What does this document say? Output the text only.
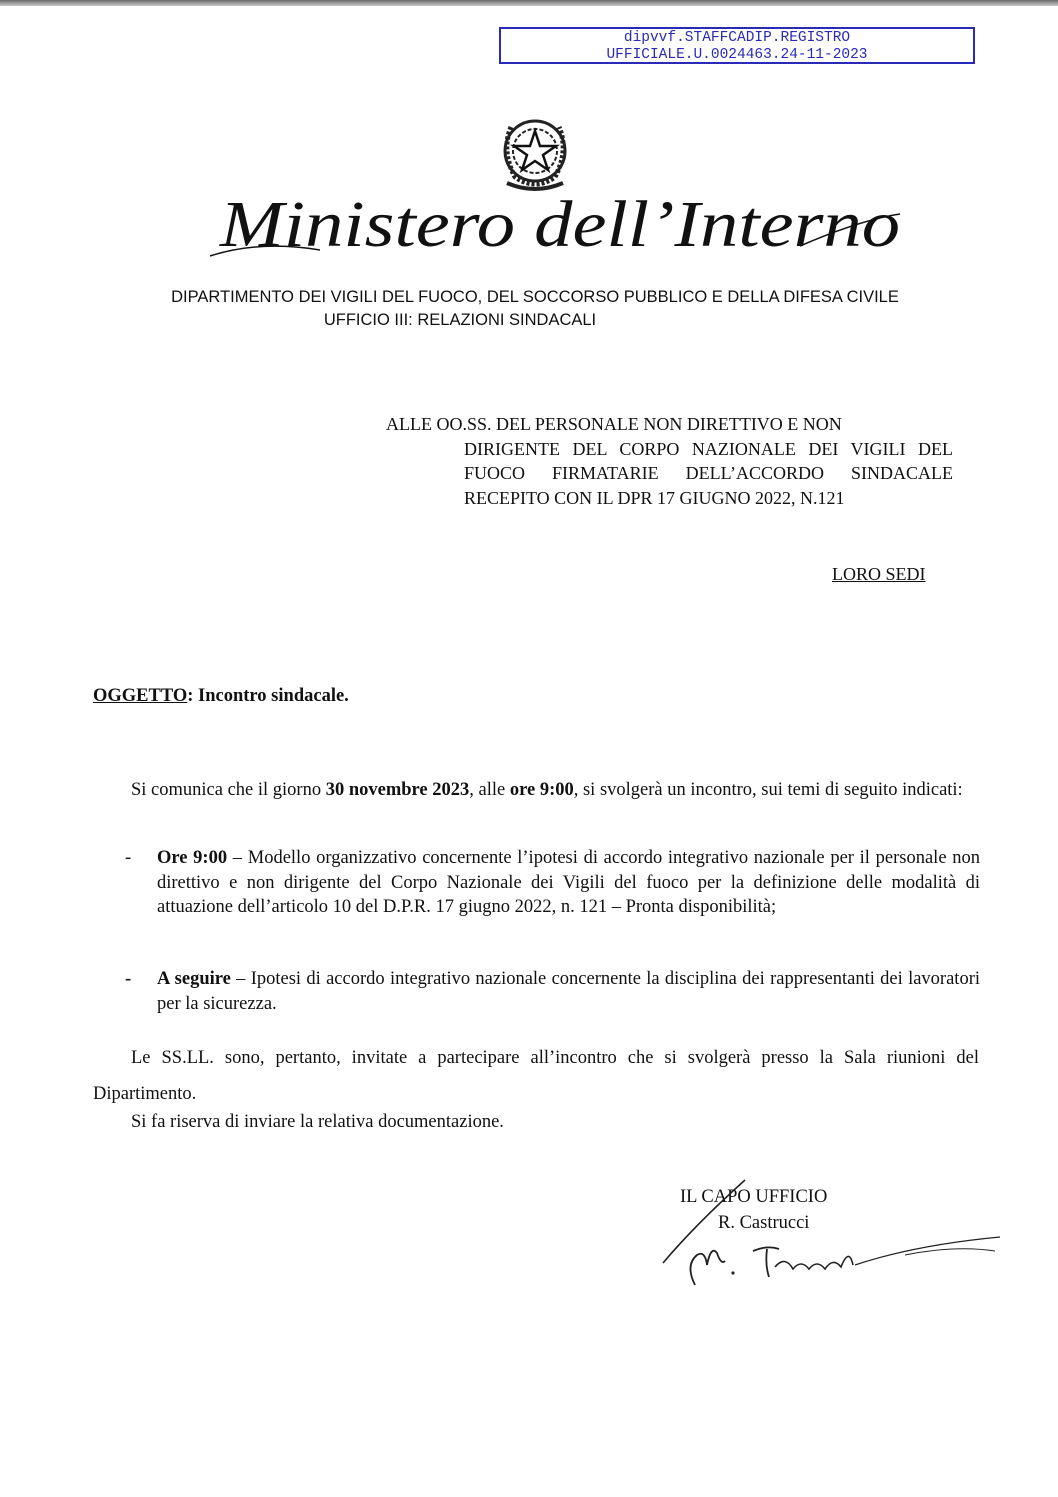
dipvvf.STAFFCADIP.REGISTRO
UFFICIALE.U.0024463.24-11-2023
Ministero dell’Interno
DIPARTIMENTO DEI VIGILI DEL FUOCO, DEL SOCCORSO PUBBLICO E DELLA DIFESA CIVILE
UFFICIO III: RELAZIONI SINDACALI
ALLE OO.SS. DEL PERSONALE NON DIRETTIVO E NON
DIRIGENTE DEL CORPO NAZIONALE DEI VIGILI DEL FUOCO FIRMATARIE DELL’ACCORDO SINDACALE RECEPITO CON IL DPR 17 GIUGNO 2022, N.121
LORO SEDI
OGGETTO: Incontro sindacale.
Si comunica che il giorno 30 novembre 2023, alle ore 9:00, si svolgerà un incontro, sui temi di seguito indicati:
- Ore 9:00 – Modello organizzativo concernente l’ipotesi di accordo integrativo nazionale per il personale non direttivo e non dirigente del Corpo Nazionale dei Vigili del fuoco per la definizione delle modalità di attuazione dell’articolo 10 del D.P.R. 17 giugno 2022, n. 121 – Pronta disponibilità;
- A seguire – Ipotesi di accordo integrativo nazionale concernente la disciplina dei rappresentanti dei lavoratori per la sicurezza.
Le SS.LL. sono, pertanto, invitate a partecipare all’incontro che si svolgerà presso la Sala riunioni del Dipartimento.
Si fa riserva di inviare la relativa documentazione.
IL CAPO UFFICIO
R. Castrucci
